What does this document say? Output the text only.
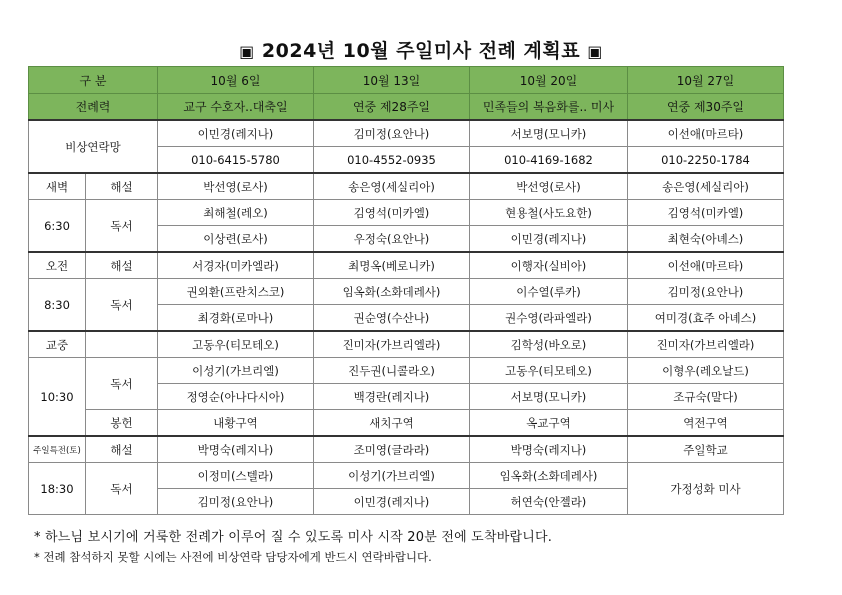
▣ 2024년 10월 주일미사 전례 계획표 ▣
구 분		10월 6일	10월 13일	10월 20일	10월 27일
전례력		교구 수호자..대축일	연중 제28주일	민족들의 복음화를.. 미사	연중 제30주일
비상연락망		이민경(레지나)	김미정(요안나)	서보명(모니카)	이선애(마르타)
		010-6415-5780	010-4552-0935	010-4169-1682	010-2250-1784
새벽	해설	박선영(로사)	송은영(세실리아)	박선영(로사)	송은영(세실리아)
6:30	독서	최해철(레오)	김영석(미카엘)	현용철(사도요한)	김영석(미카엘)
		이상련(로사)	우정숙(요안나)	이민경(레지나)	최현숙(아녜스)
오전	해설	서경자(미카엘라)	최명옥(베로니카)	이행자(실비아)	이선애(마르타)
8:30	독서	권외환(프란치스코)	임옥화(소화데레사)	이수열(루카)	김미정(요안나)
		최경화(로마나)	권순영(수산나)	권수영(라파엘라)	여미경(효주 아녜스)
교중		고동우(티모테오)	진미자(가브리엘라)	김학성(바오로)	진미자(가브리엘라)
10:30	독서	이성기(가브리엘)	진두권(니콜라오)	고동우(티모테오)	이형우(레오날드)
		정영순(아나다시아)	백경란(레지나)	서보명(모니카)	조규숙(말다)
	봉헌	내황구역	새치구역	옥교구역	역전구역
주일특전(토)	해설	박명숙(레지나)	조미영(글라라)	박명숙(레지나)	주일학교
18:30	독서	이정미(스텔라)	이성기(가브리엘)	임옥화(소화데레사)	가정성화 미사
		김미정(요안나)	이민경(레지나)	허연숙(안젤라)	
* 하느님 보시기에 거룩한 전례가 이루어 질 수 있도록 미사 시작 20분 전에 도착바랍니다.
* 전례 참석하지 못할 시에는 사전에 비상연락 담당자에게 반드시 연락바랍니다.
